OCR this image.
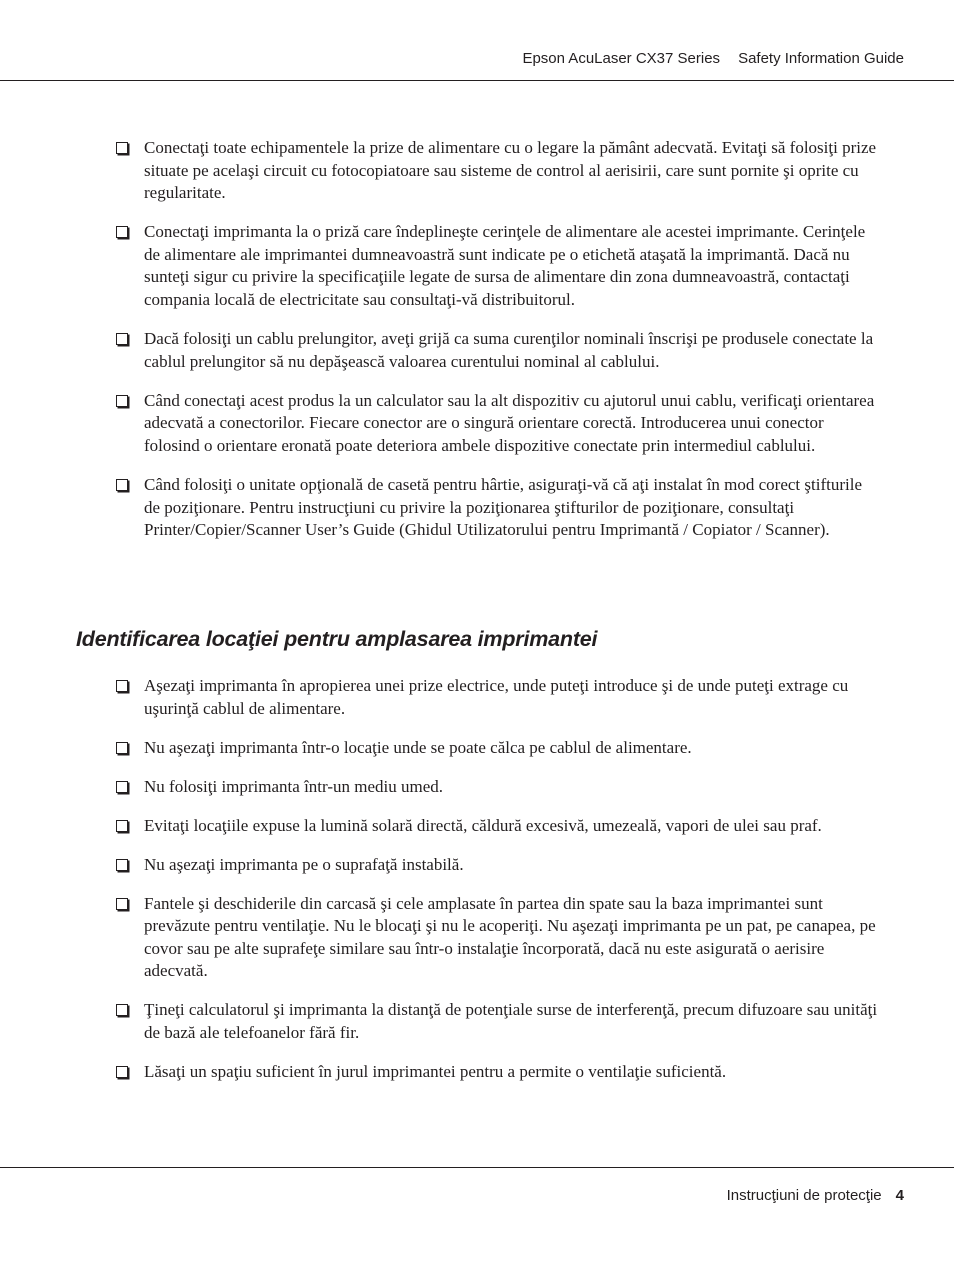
Epson AcuLaser CX37 Series Safety Information Guide
Conectaţi toate echipamentele la prize de alimentare cu o legare la pământ adecvată. Evitaţi să folosiţi prize situate pe acelaşi circuit cu fotocopiatoare sau sisteme de control al aerisirii, care sunt pornite şi oprite cu regularitate.
Conectaţi imprimanta la o priză care îndeplineşte cerinţele de alimentare ale acestei imprimante. Cerinţele de alimentare ale imprimantei dumneavoastră sunt indicate pe o etichetă ataşată la imprimantă. Dacă nu sunteţi sigur cu privire la specificaţiile legate de sursa de alimentare din zona dumneavoastră, contactaţi compania locală de electricitate sau consultaţi-vă distribuitorul.
Dacă folosiţi un cablu prelungitor, aveţi grijă ca suma curenţilor nominali înscrişi pe produsele conectate la cablul prelungitor să nu depăşească valoarea curentului nominal al cablului.
Când conectaţi acest produs la un calculator sau la alt dispozitiv cu ajutorul unui cablu, verificaţi orientarea adecvată a conectorilor. Fiecare conector are o singură orientare corectă. Introducerea unui conector folosind o orientare eronată poate deteriora ambele dispozitive conectate prin intermediul cablului.
Când folosiţi o unitate opţională de casetă pentru hârtie, asiguraţi-vă că aţi instalat în mod corect ştifturile de poziţionare. Pentru instrucţiuni cu privire la poziţionarea ştifturilor de poziţionare, consultaţi Printer/Copier/Scanner User’s Guide (Ghidul Utilizatorului pentru Imprimantă / Copiator / Scanner).
Identificarea locaţiei pentru amplasarea imprimantei
Aşezaţi imprimanta în apropierea unei prize electrice, unde puteţi introduce şi de unde puteţi extrage cu uşurinţă cablul de alimentare.
Nu aşezaţi imprimanta într-o locaţie unde se poate călca pe cablul de alimentare.
Nu folosiţi imprimanta într-un mediu umed.
Evitaţi locaţiile expuse la lumină solară directă, căldură excesivă, umezeală, vapori de ulei sau praf.
Nu aşezaţi imprimanta pe o suprafaţă instabilă.
Fantele şi deschiderile din carcasă şi cele amplasate în partea din spate sau la baza imprimantei sunt prevăzute pentru ventilaţie. Nu le blocaţi şi nu le acoperiţi. Nu aşezaţi imprimanta pe un pat, pe canapea, pe covor sau pe alte suprafeţe similare sau într-o instalaţie încorporată, dacă nu este asigurată o aerisire adecvată.
Ţineţi calculatorul şi imprimanta la distanţă de potenţiale surse de interferenţă, precum difuzoare sau unităţi de bază ale telefoanelor fără fir.
Lăsaţi un spaţiu suficient în jurul imprimantei pentru a permite o ventilaţie suficientă.
Instrucţiuni de protecţie 4
